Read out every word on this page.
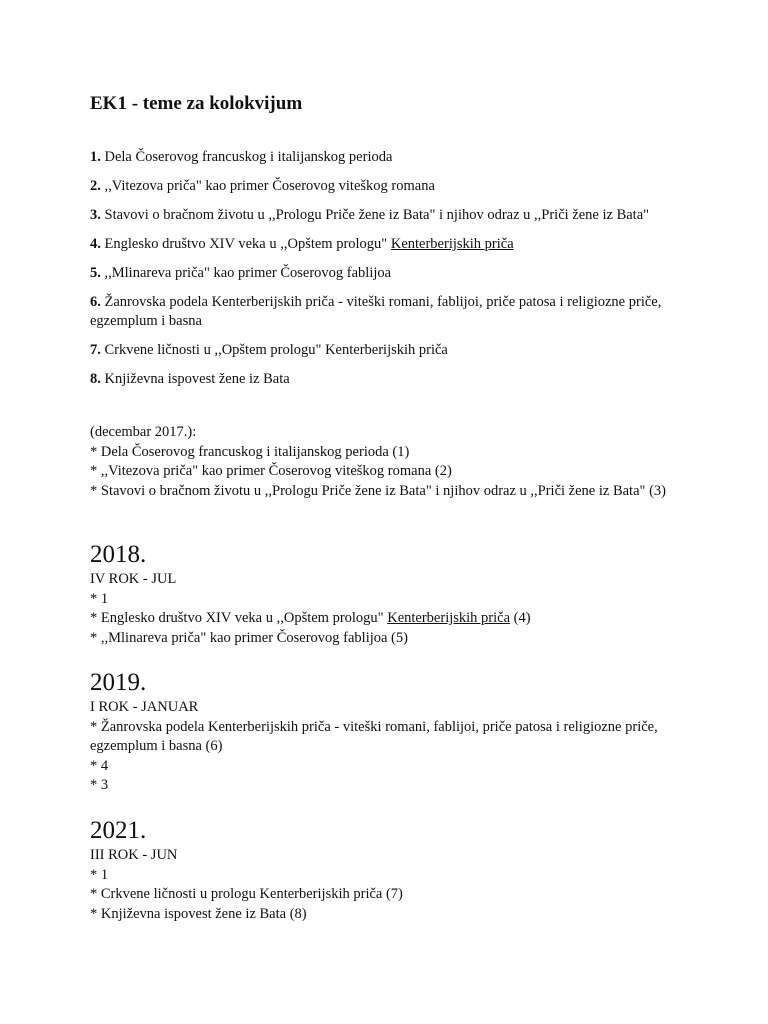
EK1 - teme za kolokvijum
1. Dela Čoserovog francuskog i italijanskog perioda
2. ,,Vitezova priča" kao primer Čoserovog viteškog romana
3. Stavovi o bračnom životu u ,,Prologu Priče žene iz Bata" i njihov odraz u ,,Priči žene iz Bata"
4. Englesko društvo XIV veka u ,,Opštem prologu" Kenterberijskih priča
5. ,,Mlinareva priča" kao primer Čoserovog fablijoa
6. Žanrovska podela Kenterberijskih priča - viteški romani, fablijoi, priče patosa i religiozne priče, egzemplum i basna
7. Crkvene ličnosti u ,,Opštem prologu" Kenterberijskih priča
8. Književna ispovest žene iz Bata
(decembar 2017.):
* Dela Čoserovog francuskog i italijanskog perioda (1)
* ,,Vitezova priča" kao primer Čoserovog viteškog romana (2)
* Stavovi o bračnom životu u ,,Prologu Priče žene iz Bata" i njihov odraz u ,,Priči žene iz Bata" (3)
2018.
IV ROK - JUL
* 1
* Englesko društvo XIV veka u ,,Opštem prologu" Kenterberijskih priča (4)
* ,,Mlinareva priča" kao primer Čoserovog fablijoa (5)
2019.
I ROK - JANUAR
* Žanrovska podela Kenterberijskih priča - viteški romani, fablijoi, priče patosa i religiozne priče, egzemplum i basna (6)
* 4
* 3
2021.
III ROK - JUN
* 1
* Crkvene ličnosti u prologu Kenterberijskih priča (7)
* Književna ispovest žene iz Bata (8)
